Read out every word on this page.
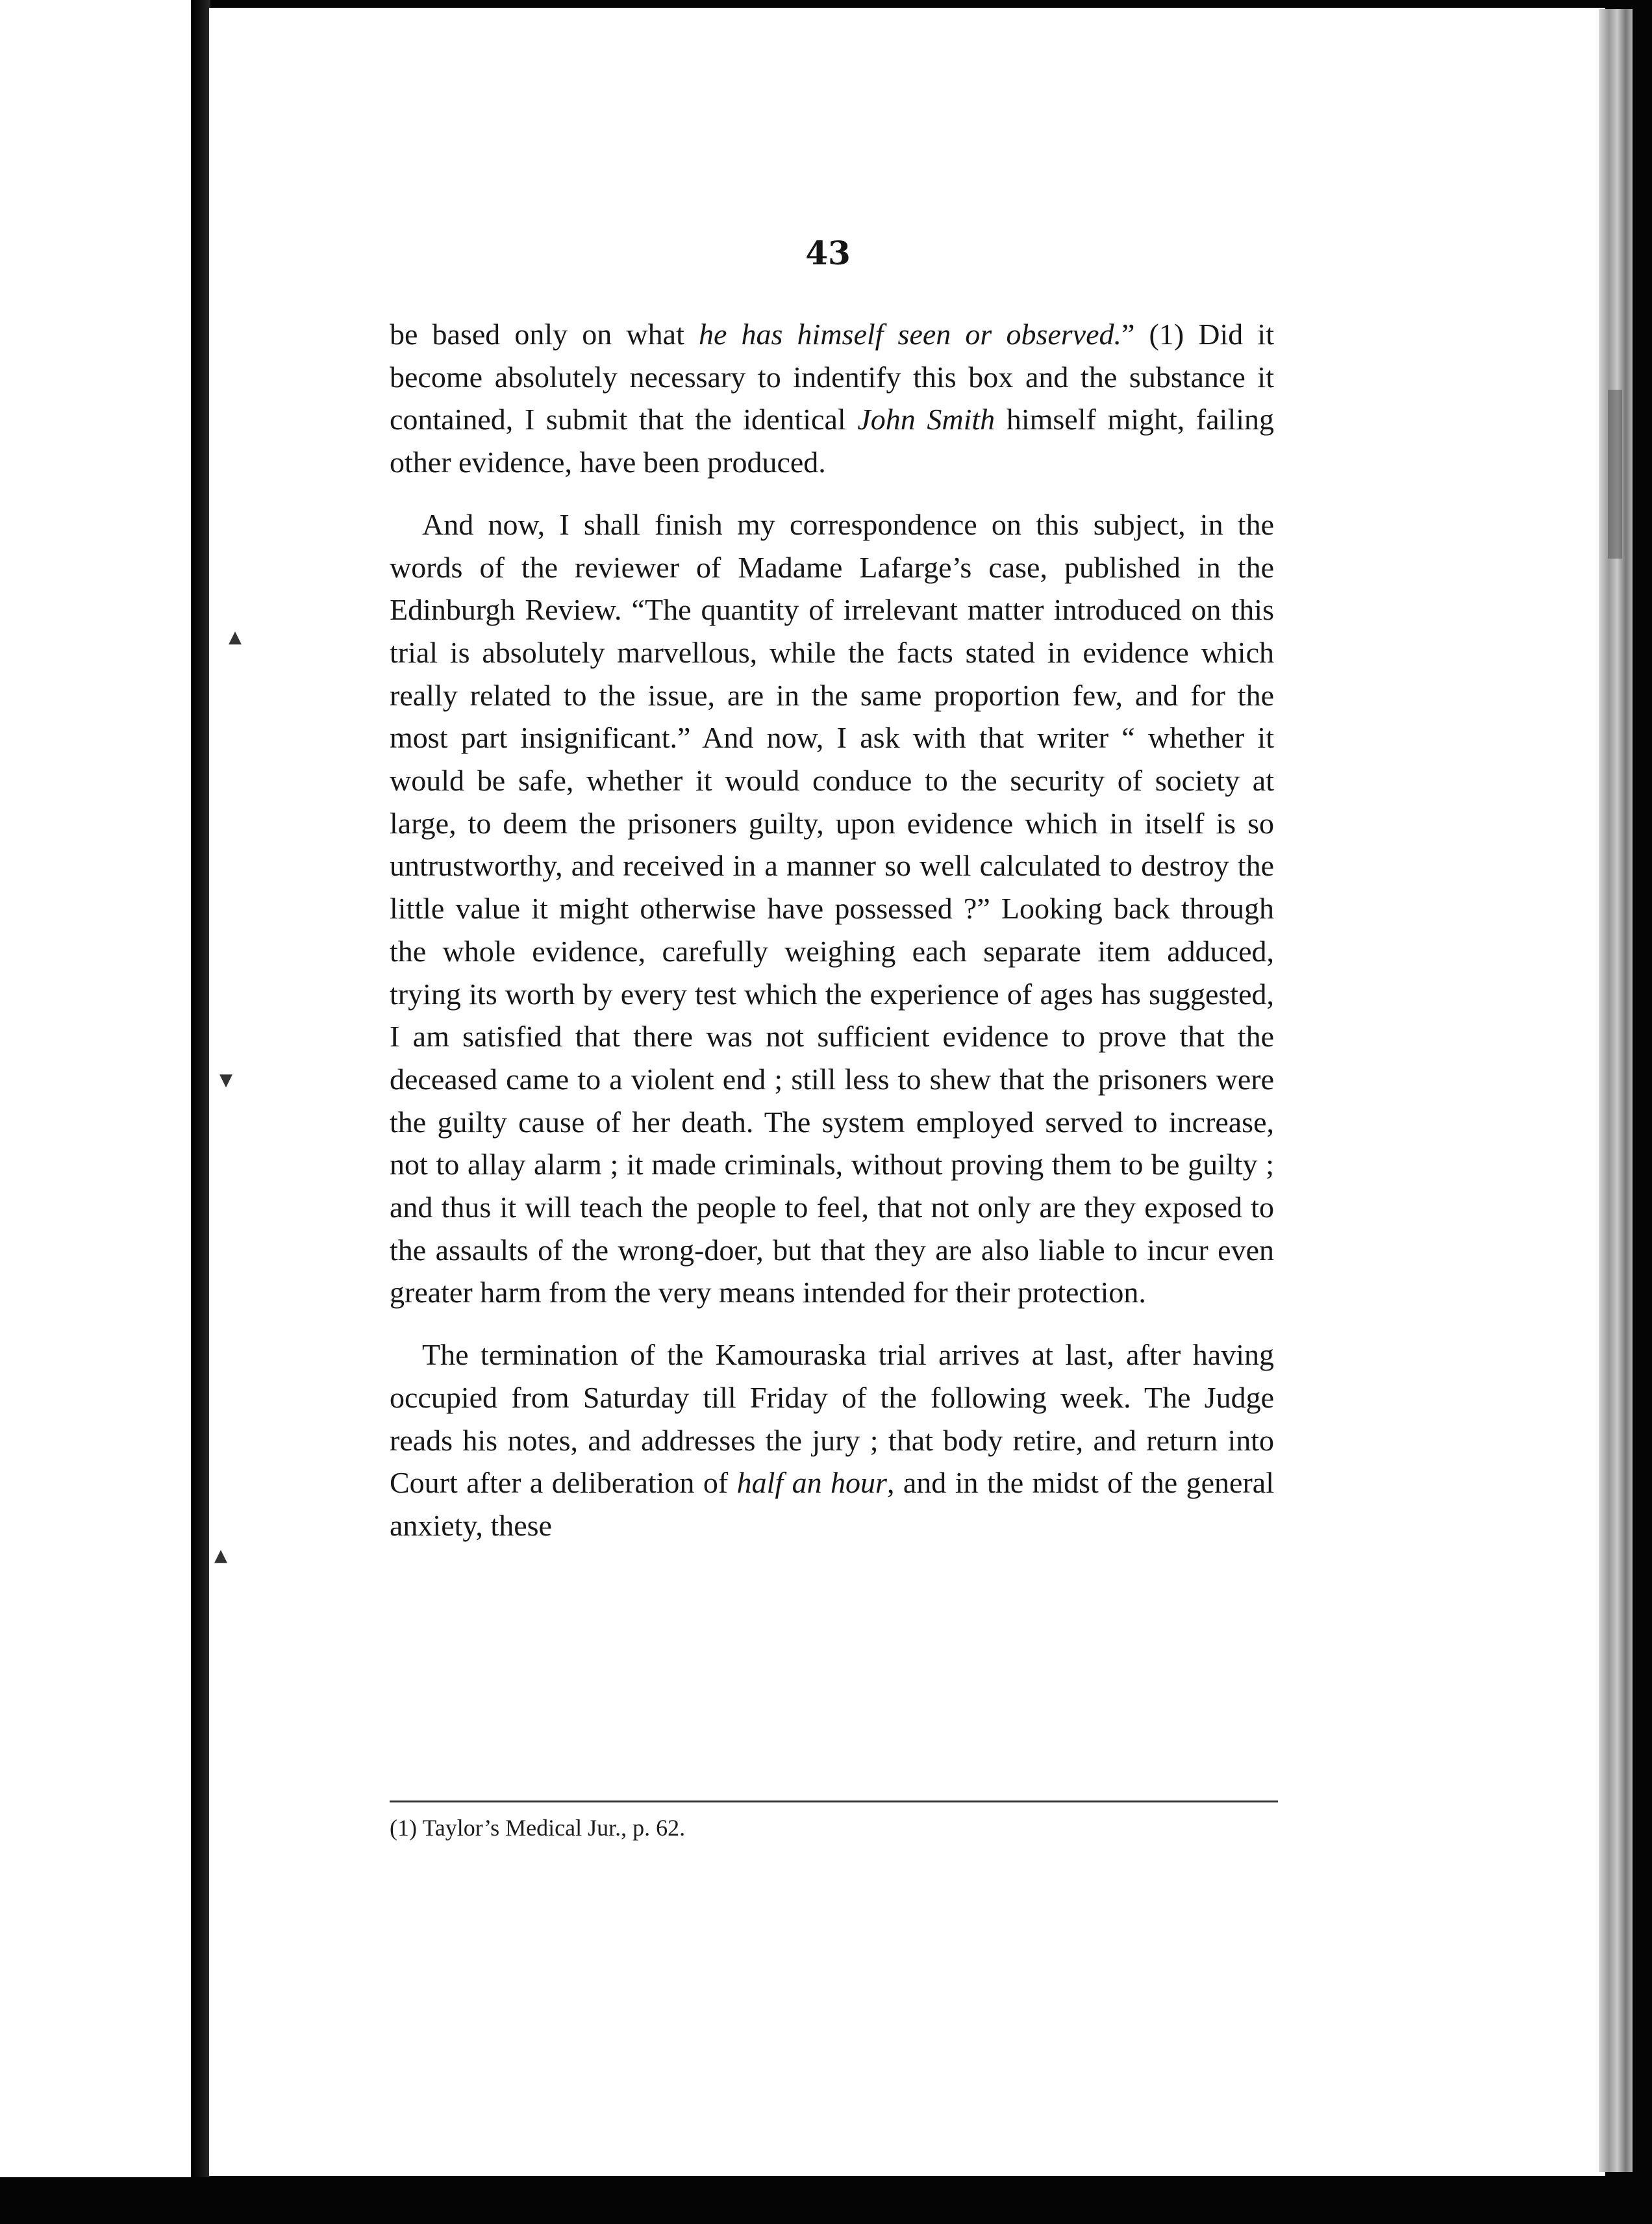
▲
▼
▲
43

be based only on what he has himself seen or observed.” (1) Did it become absolutely necessary to indentify this box and the substance it contained, I submit that the identical John Smith himself might, failing other evidence, have been produced.

And now, I shall finish my correspondence on this subject, in the words of the reviewer of Madame Lafarge’s case, published in the Edinburgh Review. “The quantity of irrelevant matter introduced on this trial is absolutely marvellous, while the facts stated in evidence which really related to the issue, are in the same proportion few, and for the most part insignificant.” And now, I ask with that writer “ whether it would be safe, whether it would conduce to the security of society at large, to deem the prisoners guilty, upon evidence which in itself is so untrustworthy, and received in a manner so well calculated to destroy the little value it might otherwise have possessed ?” Looking back through the whole evidence, carefully weighing each separate item adduced, trying its worth by every test which the experience of ages has suggested, I am satisfied that there was not sufficient evidence to prove that the deceased came to a violent end ; still less to shew that the prisoners were the guilty cause of her death. The system employed served to increase, not to allay alarm ; it made criminals, without proving them to be guilty ; and thus it will teach the people to feel, that not only are they exposed to the assaults of the wrong-doer, but that they are also liable to incur even greater harm from the very means intended for their protection.

The termination of the Kamouraska trial arrives at last, after having occupied from Saturday till Friday of the following week. The Judge reads his notes, and addresses the jury ; that body retire, and return into Court after a deliberation of half an hour, and in the midst of the general anxiety, these

(1) Taylor’s Medical Jur., p. 62.
